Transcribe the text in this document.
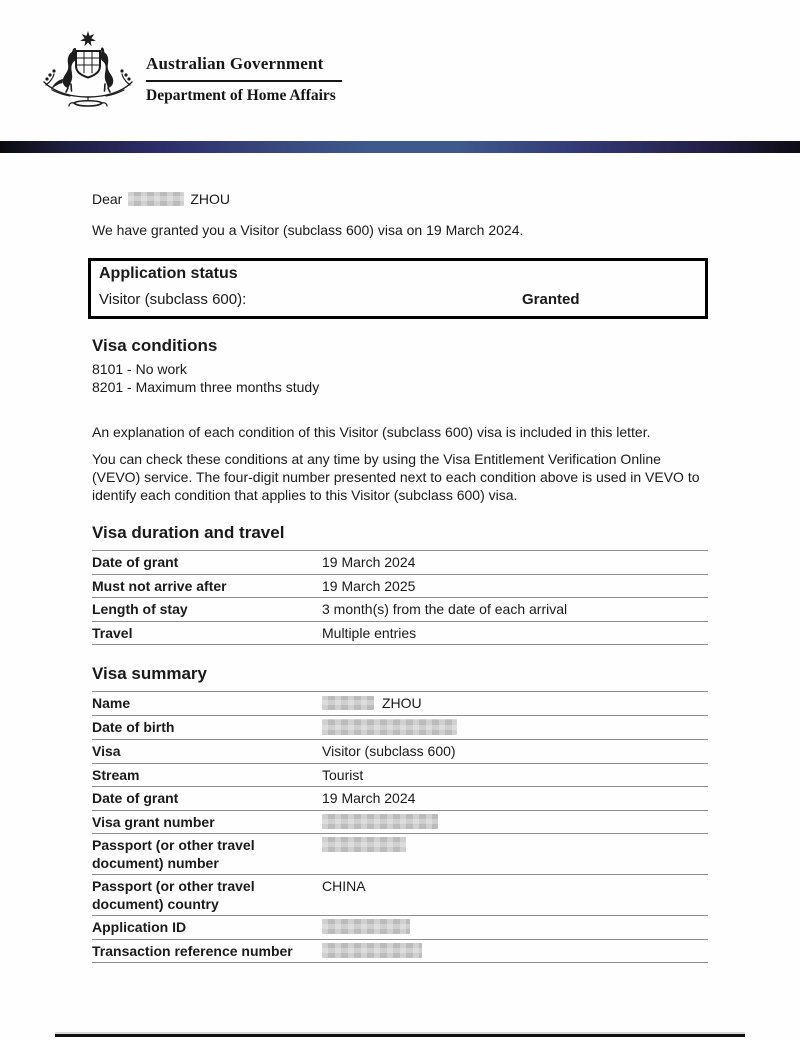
Australian Government
Department of Home Affairs
Dear	ZHOU

We have granted you a Visitor (subclass 600) visa on 19 March 2024.

Application status
Visitor (subclass 600):	Granted
Visa conditions
8101 - No work
8201 - Maximum three months study

An explanation of each condition of this Visitor (subclass 600) visa is included in this letter.

You can check these conditions at any time by using the Visa Entitlement Verification Online (VEVO) service. The four-digit number presented next to each condition above is used in VEVO to identify each condition that applies to this Visitor (subclass 600) visa.

Visa duration and travel
Date of grant	19 March 2024
Must not arrive after	19 March 2025
Length of stay	3 month(s) from the date of each arrival
Travel	Multiple entries
Visa summary
Name	ZHOU
Date of birth	
Visa	Visitor (subclass 600)
Stream	Tourist
Date of grant	19 March 2024
Visa grant number	
Passport (or other travel document) number	
Passport (or other travel document) country	CHINA
Application ID	
Transaction reference number	
